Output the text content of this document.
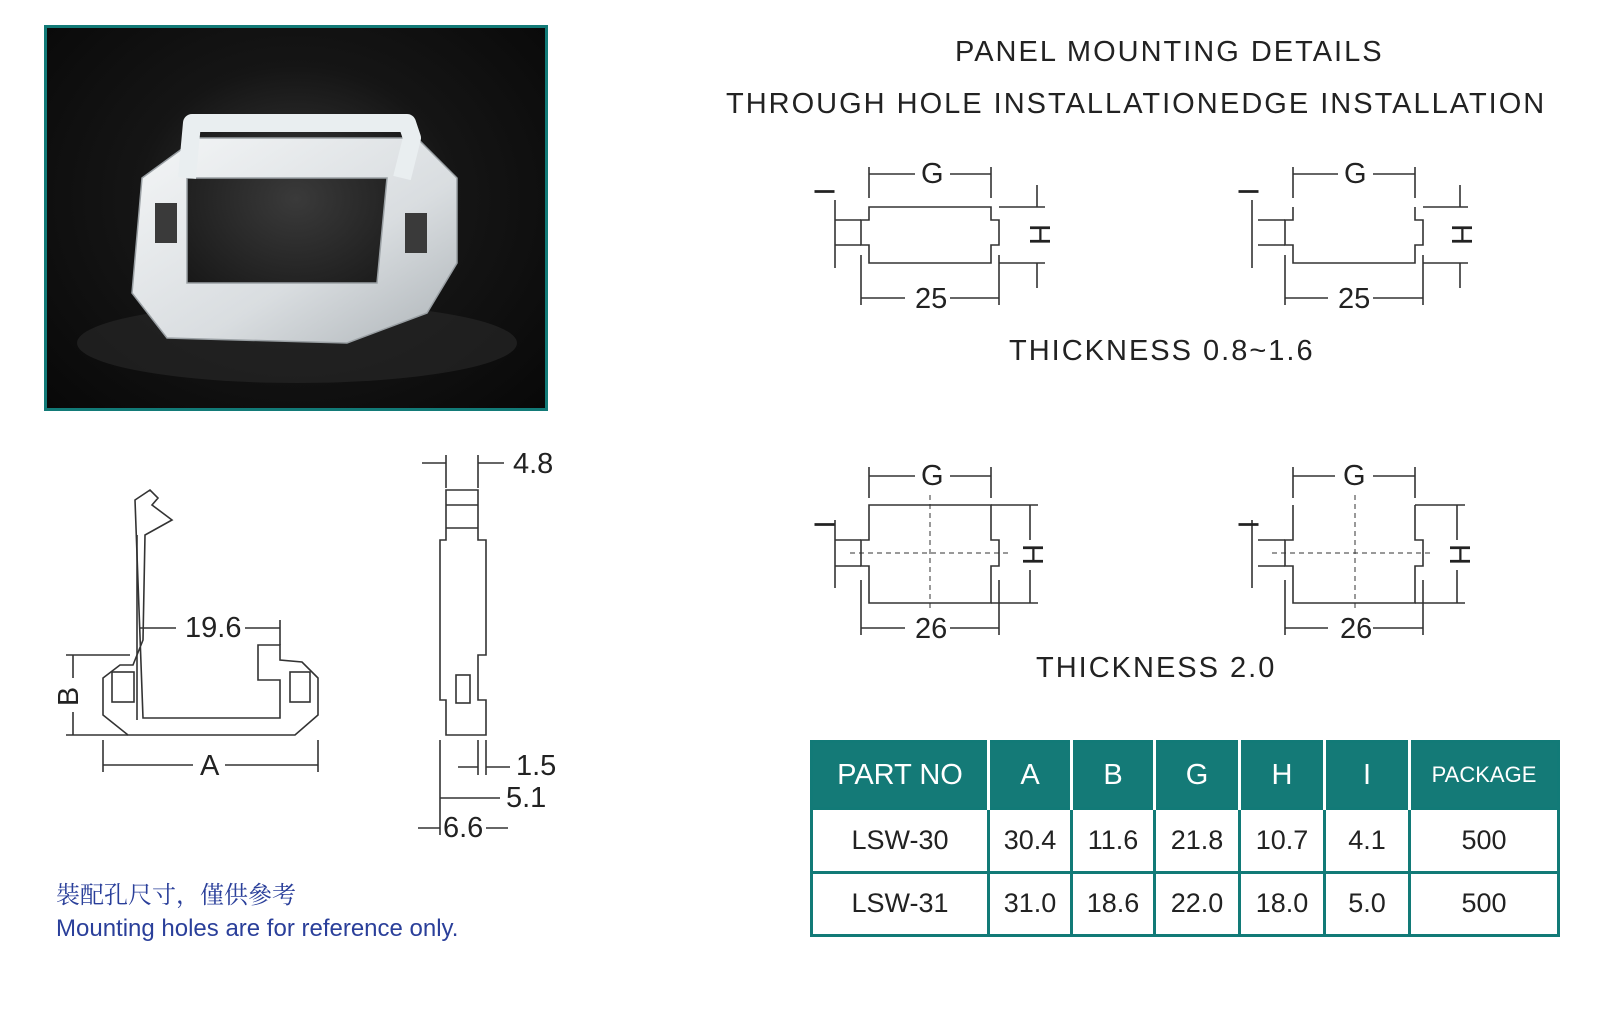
PANEL MOUNTING DETAILS
THROUGH HOLE INSTALLATION EDGE INSTALLATION
THICKNESS 0.8~1.6
THICKNESS 2.0
G
25
G
25
G
26
G
26
I	I
I	I
H	H
H	H
19.6
A
B
4.8
1.5
5.1
6.6
PART NO	A	B	G	H	I	PACKAGE
LSW-30	30.4	11.6	21.8	10.7	4.1	500
LSW-31	31.0	18.6	22.0	18.0	5.0	500
裝配孔尺寸，僅供參考
Mounting holes are for reference only.
